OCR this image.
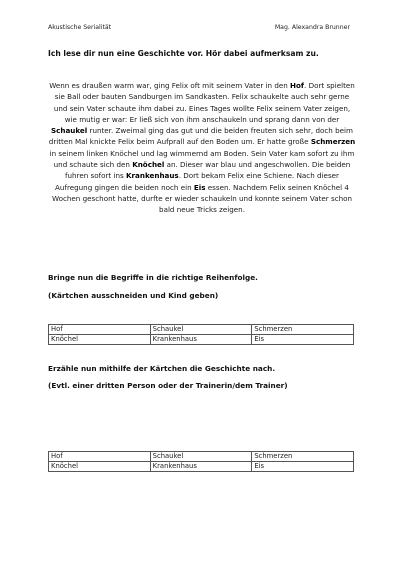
Akustische Serialität	Mag. Alexandra Brunner
Ich lese dir nun eine Geschichte vor. Hör dabei aufmerksam zu.
Wenn es draußen warm war, ging Felix oft mit seinem Vater in den Hof. Dort spielten sie Ball oder bauten Sandburgen im Sandkasten. Felix schaukelte auch sehr gerne und sein Vater schaute ihm dabei zu. Eines Tages wollte Felix seinem Vater zeigen, wie mutig er war: Er ließ sich von ihm anschaukeln und sprang dann von der Schaukel runter. Zweimal ging das gut und die beiden freuten sich sehr, doch beim dritten Mal knickte Felix beim Aufprall auf den Boden um. Er hatte große Schmerzen in seinem linken Knöchel und lag wimmernd am Boden. Sein Vater kam sofort zu ihm und schaute sich den Knöchel an. Dieser war blau und angeschwollen. Die beiden fuhren sofort ins Krankenhaus. Dort bekam Felix eine Schiene. Nach dieser Aufregung gingen die beiden noch ein Eis essen. Nachdem Felix seinen Knöchel 4 Wochen geschont hatte, durfte er wieder schaukeln und konnte seinem Vater schon bald neue Tricks zeigen.
Bringe nun die Begriffe in die richtige Reihenfolge.
(Kärtchen ausschneiden und Kind geben)
Hof	Schaukel	Schmerzen
Knöchel	Krankenhaus	Eis
Erzähle nun mithilfe der Kärtchen die Geschichte nach.
(Evtl. einer dritten Person oder der Trainerin/dem Trainer)
Hof	Schaukel	Schmerzen
Knöchel	Krankenhaus	Eis
